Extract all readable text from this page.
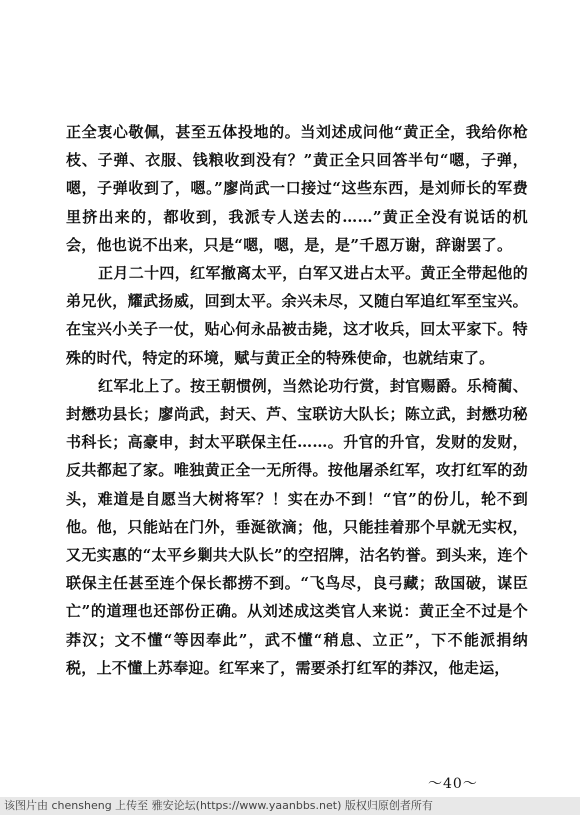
正全衷心敬佩，甚至五体投地的。当刘述成问他“黄正全，我给你枪枝、子弹、衣服、钱粮收到没有？”黄正全只回答半句“嗯，子弹，嗯，子弹收到了，嗯。”廖尚武一口接过“这些东西，是刘师长的军费里挤出来的，都收到，我派专人送去的……”黄正全没有说话的机会，他也说不出来，只是“嗯，嗯，是，是”千恩万谢，辞谢罢了。

正月二十四，红军撤离太平，白军又进占太平。黄正全带起他的弟兄伙，耀武扬威，回到太平。余兴未尽，又随白军追红军至宝兴。在宝兴小关子一仗，贴心何永品被击毙，这才收兵，回太平家下。特殊的时代，特定的环境，赋与黄正全的特殊使命，也就结束了。

红军北上了。按王朝惯例，当然论功行赏，封官赐爵。乐椅蔺、封懋功县长；廖尚武，封天、芦、宝联访大队长；陈立武，封懋功秘书科长；高豪申，封太平联保主任……。升官的升官，发财的发财，反共都起了家。唯独黄正全一无所得。按他屠杀红军，攻打红军的劲头，难道是自愿当大树将军？！实在办不到！“官”的份儿，轮不到他。他，只能站在门外，垂涎欲滴；他，只能挂着那个早就无实权，又无实惠的“太平乡剿共大队长”的空招牌，沽名钓誉。到头来，连个联保主任甚至连个保长都捞不到。“飞鸟尽，良弓藏；敌国破，谋臣亡”的道理也还部份正确。从刘述成这类官人来说：黄正全不过是个莽汉；文不懂“等因奉此”，武不懂“稍息、立正”，下不能派捐纳税，上不懂上苏奉迎。红军来了，需要杀打红军的莽汉，他走运，

～40～
该图片由 chensheng 上传至 雅安论坛(https://www.yaanbbs.net) 版权归原创者所有
